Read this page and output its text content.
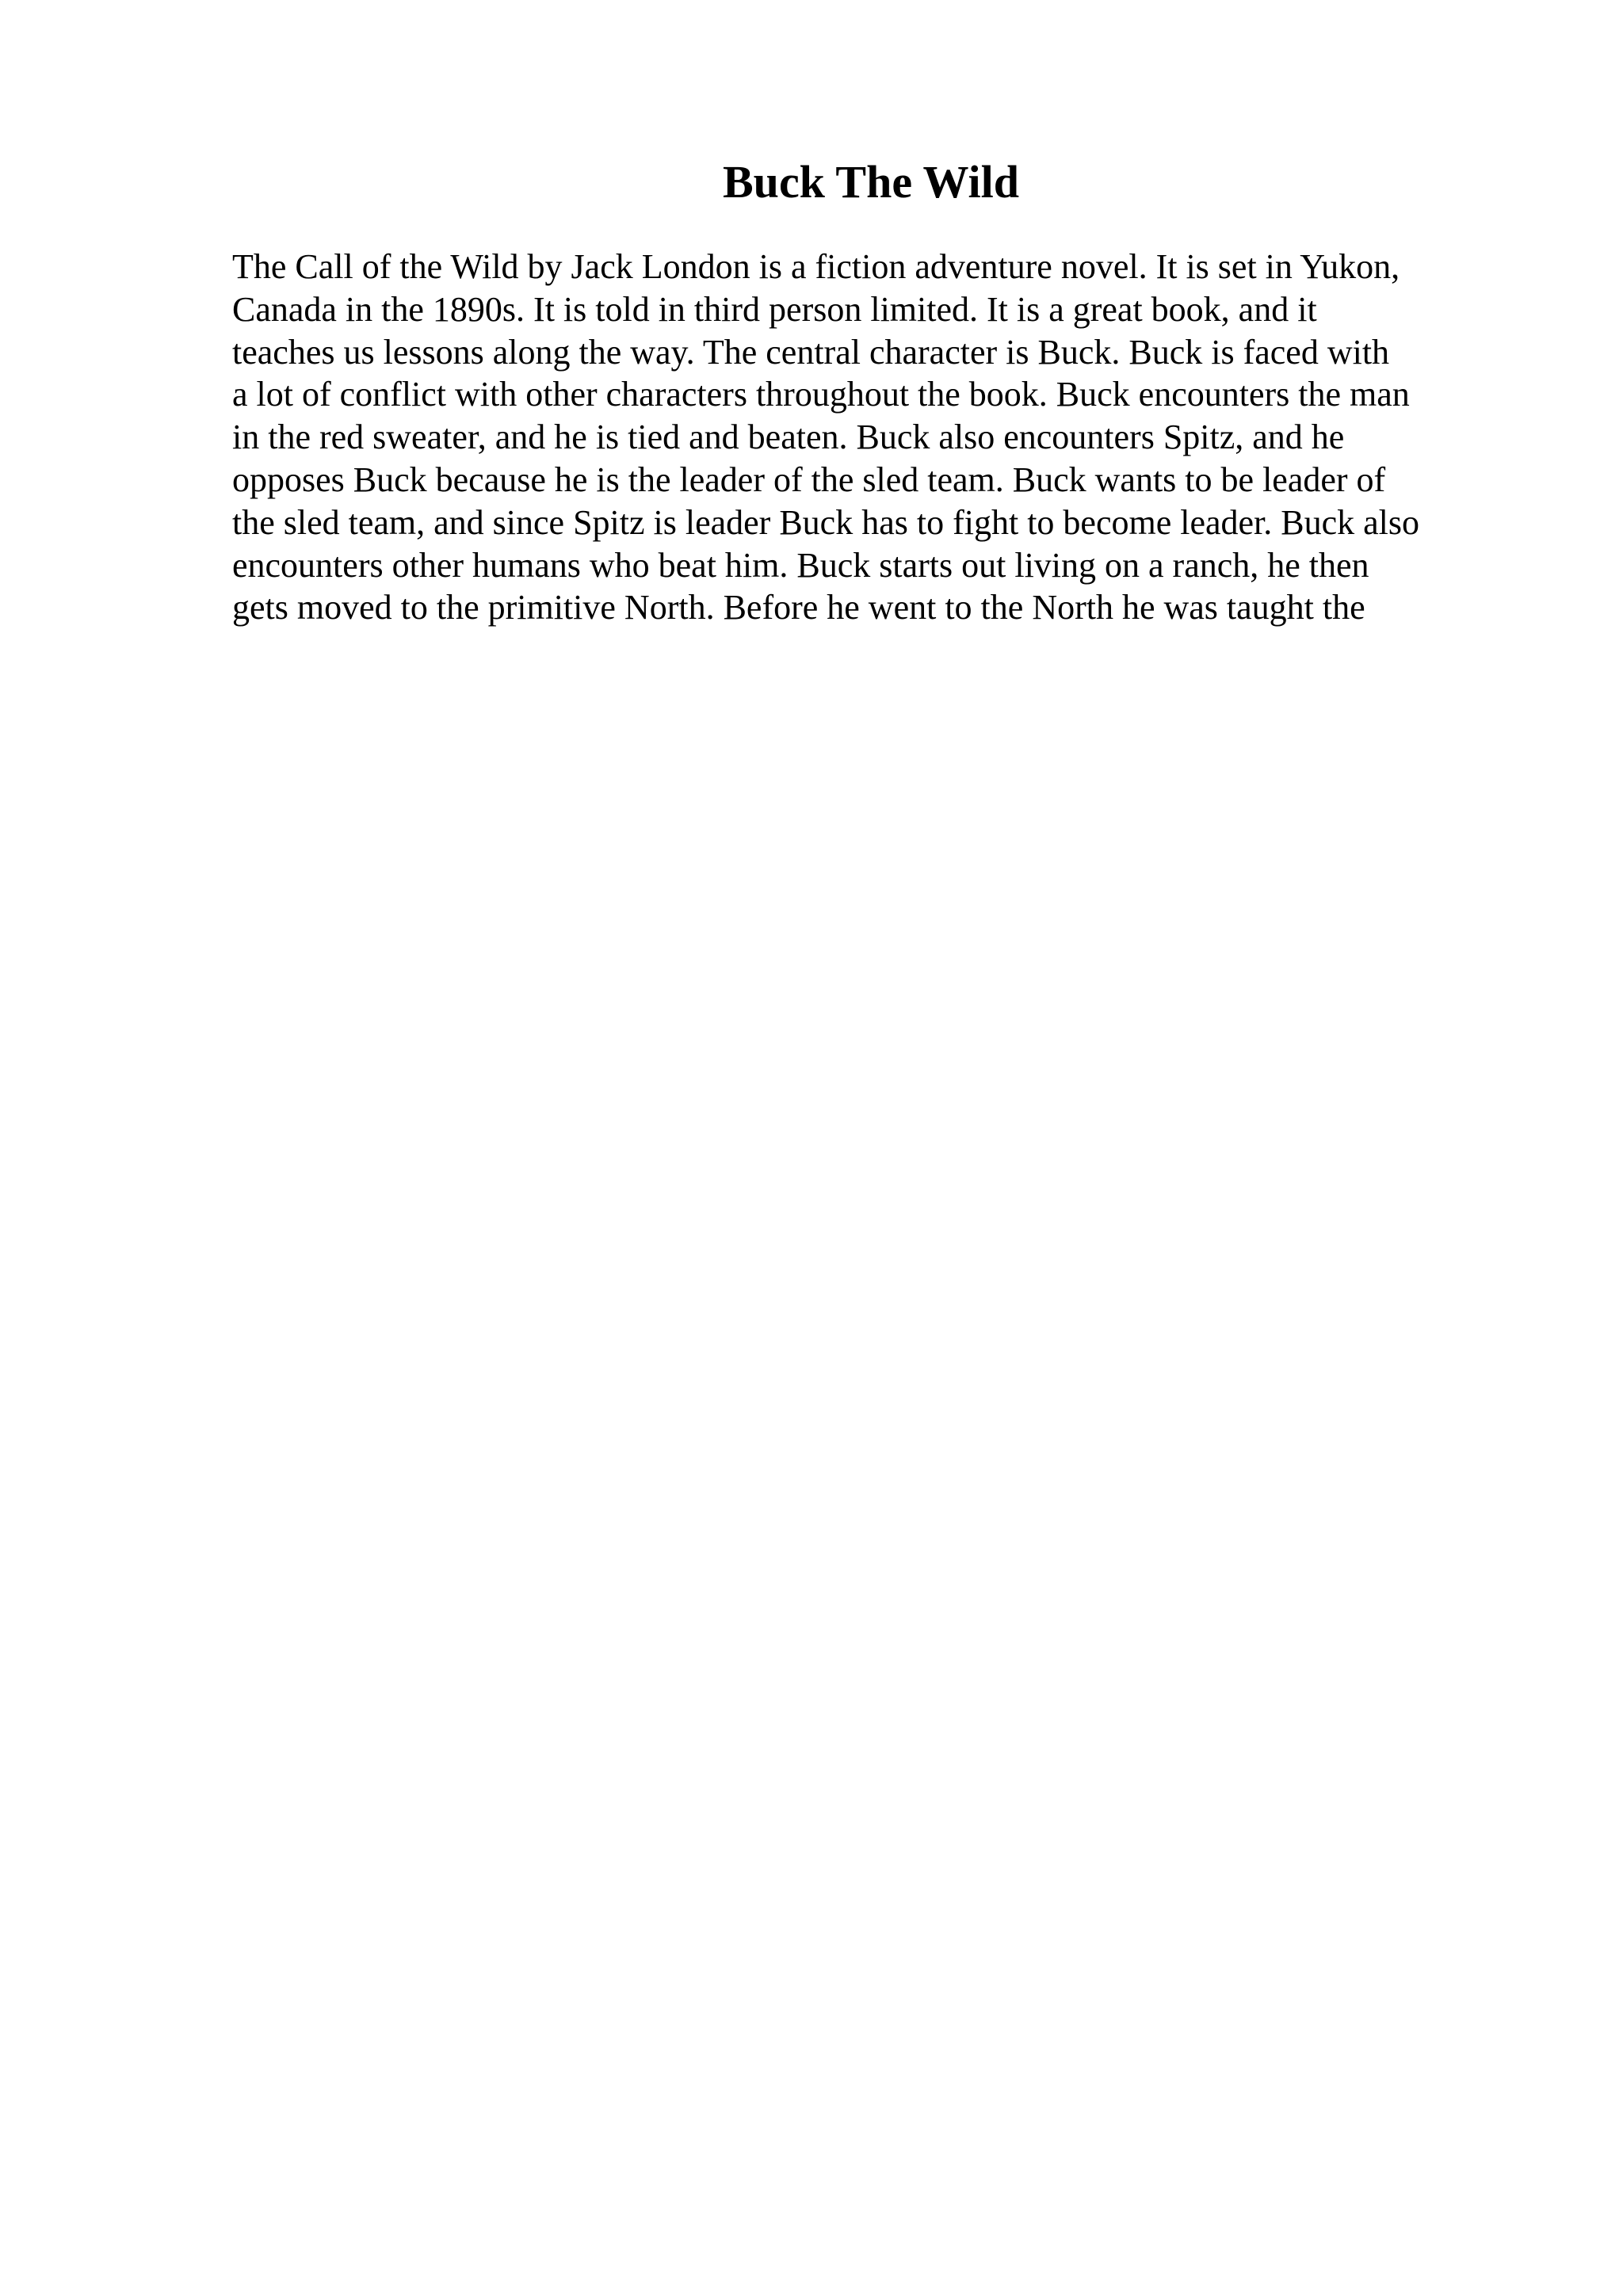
Buck The Wild

The Call of the Wild by Jack London is a fiction adventure novel. It is set in Yukon,
Canada in the 1890s. It is told in third person limited. It is a great book, and it
teaches us lessons along the way. The central character is Buck. Buck is faced with
a lot of conflict with other characters throughout the book. Buck encounters the man
in the red sweater, and he is tied and beaten. Buck also encounters Spitz, and he
opposes Buck because he is the leader of the sled team. Buck wants to be leader of
the sled team, and since Spitz is leader Buck has to fight to become leader. Buck also
encounters other humans who beat him. Buck starts out living on a ranch, he then
gets moved to the primitive North. Before he went to the North he was taught the
